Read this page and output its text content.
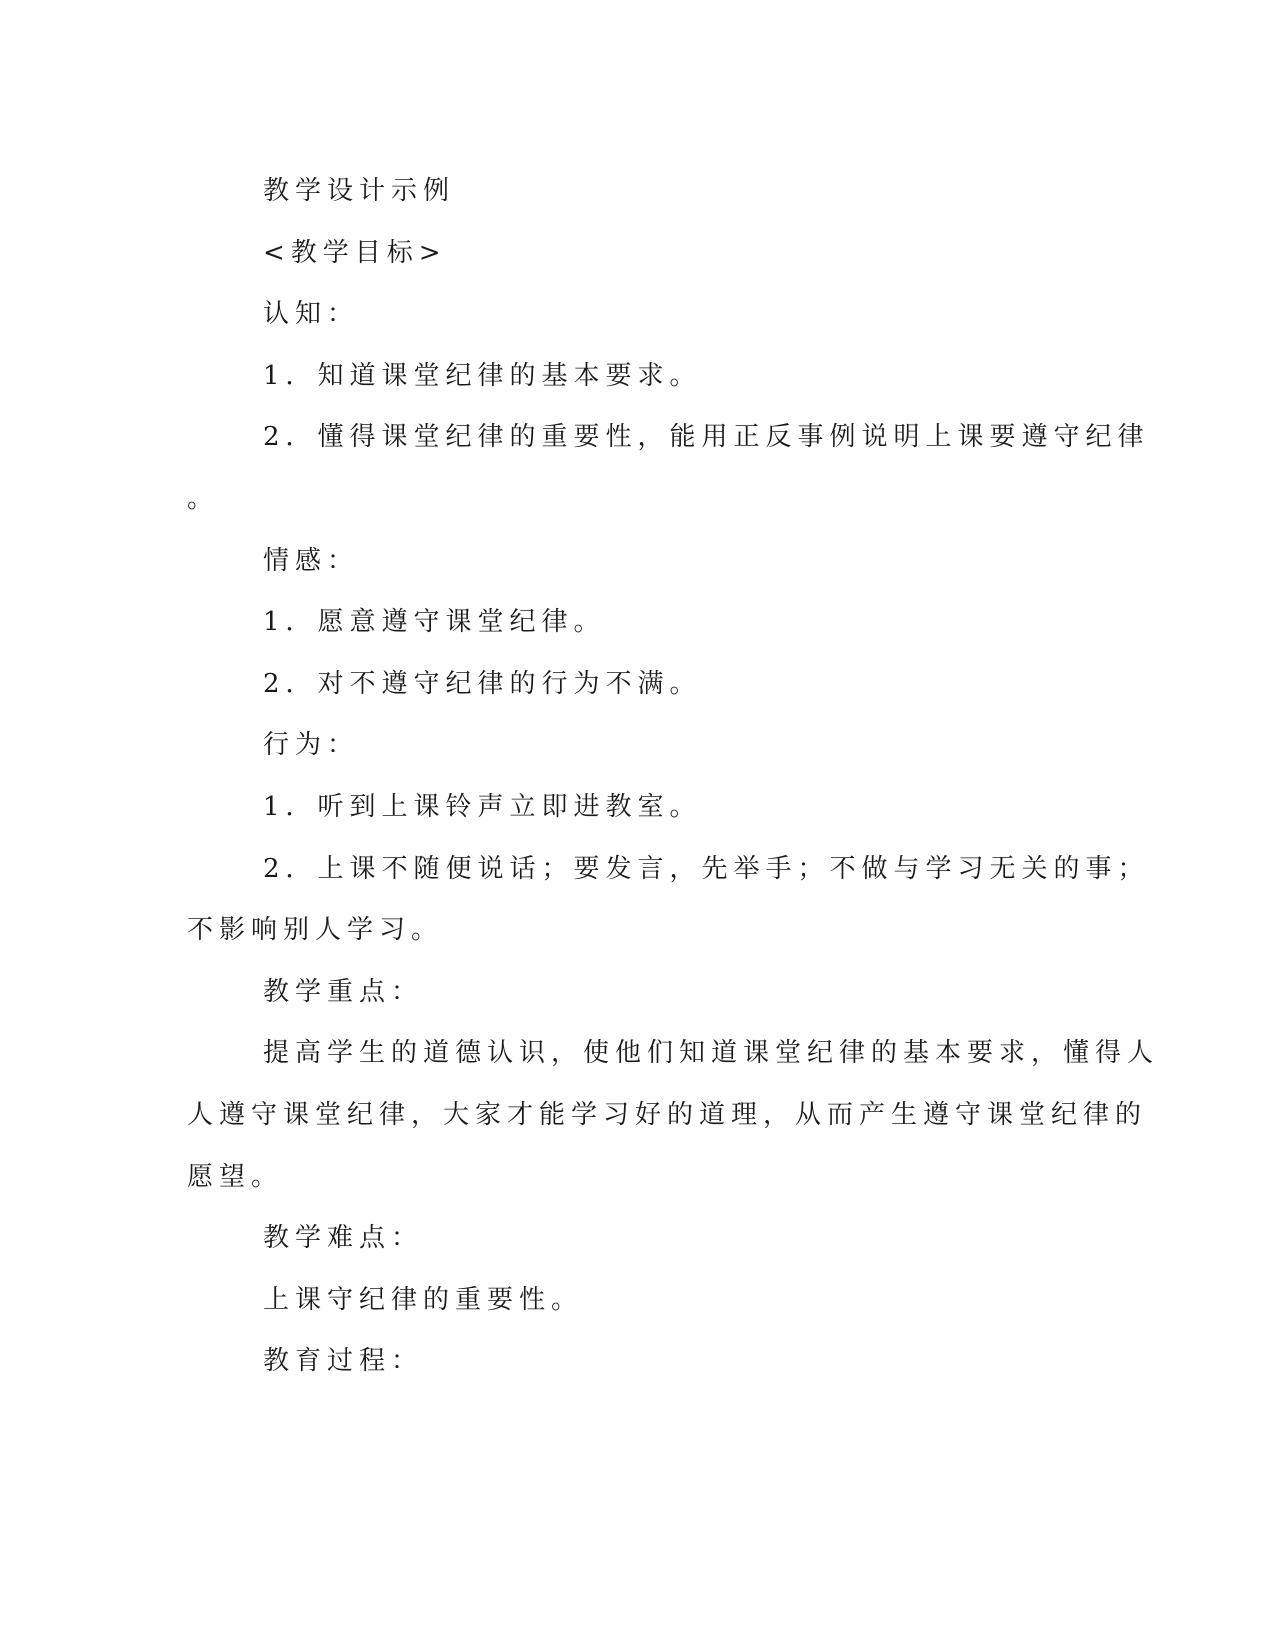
教学设计示例
<教学目标>
认知：
1．知道课堂纪律的基本要求。
2．懂得课堂纪律的重要性，能用正反事例说明上课要遵守纪律
。
情感：
1．愿意遵守课堂纪律。
2．对不遵守纪律的行为不满。
行为：
1．听到上课铃声立即进教室。
2．上课不随便说话；要发言，先举手；不做与学习无关的事；
不影响别人学习。
教学重点：
提高学生的道德认识，使他们知道课堂纪律的基本要求，懂得人
人遵守课堂纪律，大家才能学习好的道理，从而产生遵守课堂纪律的
愿望。
教学难点：
上课守纪律的重要性。
教育过程：
